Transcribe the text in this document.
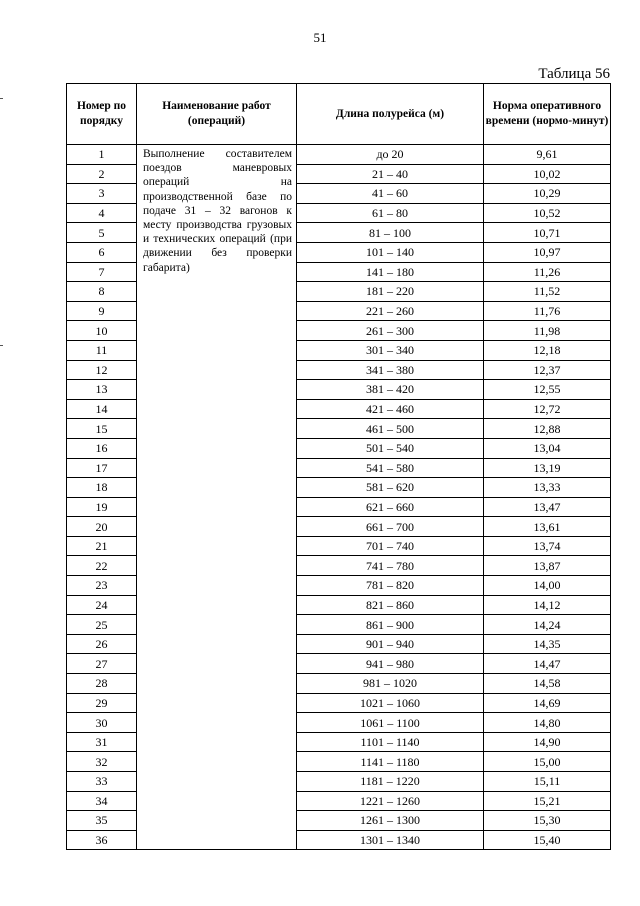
51
Таблица 56
Номер по порядку	Наименование работ (операций)	Длина полурейса (м)	Норма оперативного времени (нормо-минут)
1	Выполнение составителем поездов маневровых операций на производственной базе по подаче 31 – 32 вагонов к месту производства грузовых и технических операций (при движении без проверки габарита)	до 20	9,61
2		21 – 40	10,02
3		41 – 60	10,29
4		61 – 80	10,52
5		81 – 100	10,71
6		101 – 140	10,97
7		141 – 180	11,26
8		181 – 220	11,52
9		221 – 260	11,76
10		261 – 300	11,98
11		301 – 340	12,18
12		341 – 380	12,37
13		381 – 420	12,55
14		421 – 460	12,72
15		461 – 500	12,88
16		501 – 540	13,04
17		541 – 580	13,19
18		581 – 620	13,33
19		621 – 660	13,47
20		661 – 700	13,61
21		701 – 740	13,74
22		741 – 780	13,87
23		781 – 820	14,00
24		821 – 860	14,12
25		861 – 900	14,24
26		901 – 940	14,35
27		941 – 980	14,47
28		981 – 1020	14,58
29		1021 – 1060	14,69
30		1061 – 1100	14,80
31		1101 – 1140	14,90
32		1141 – 1180	15,00
33		1181 – 1220	15,11
34		1221 – 1260	15,21
35		1261 – 1300	15,30
36		1301 – 1340	15,40
